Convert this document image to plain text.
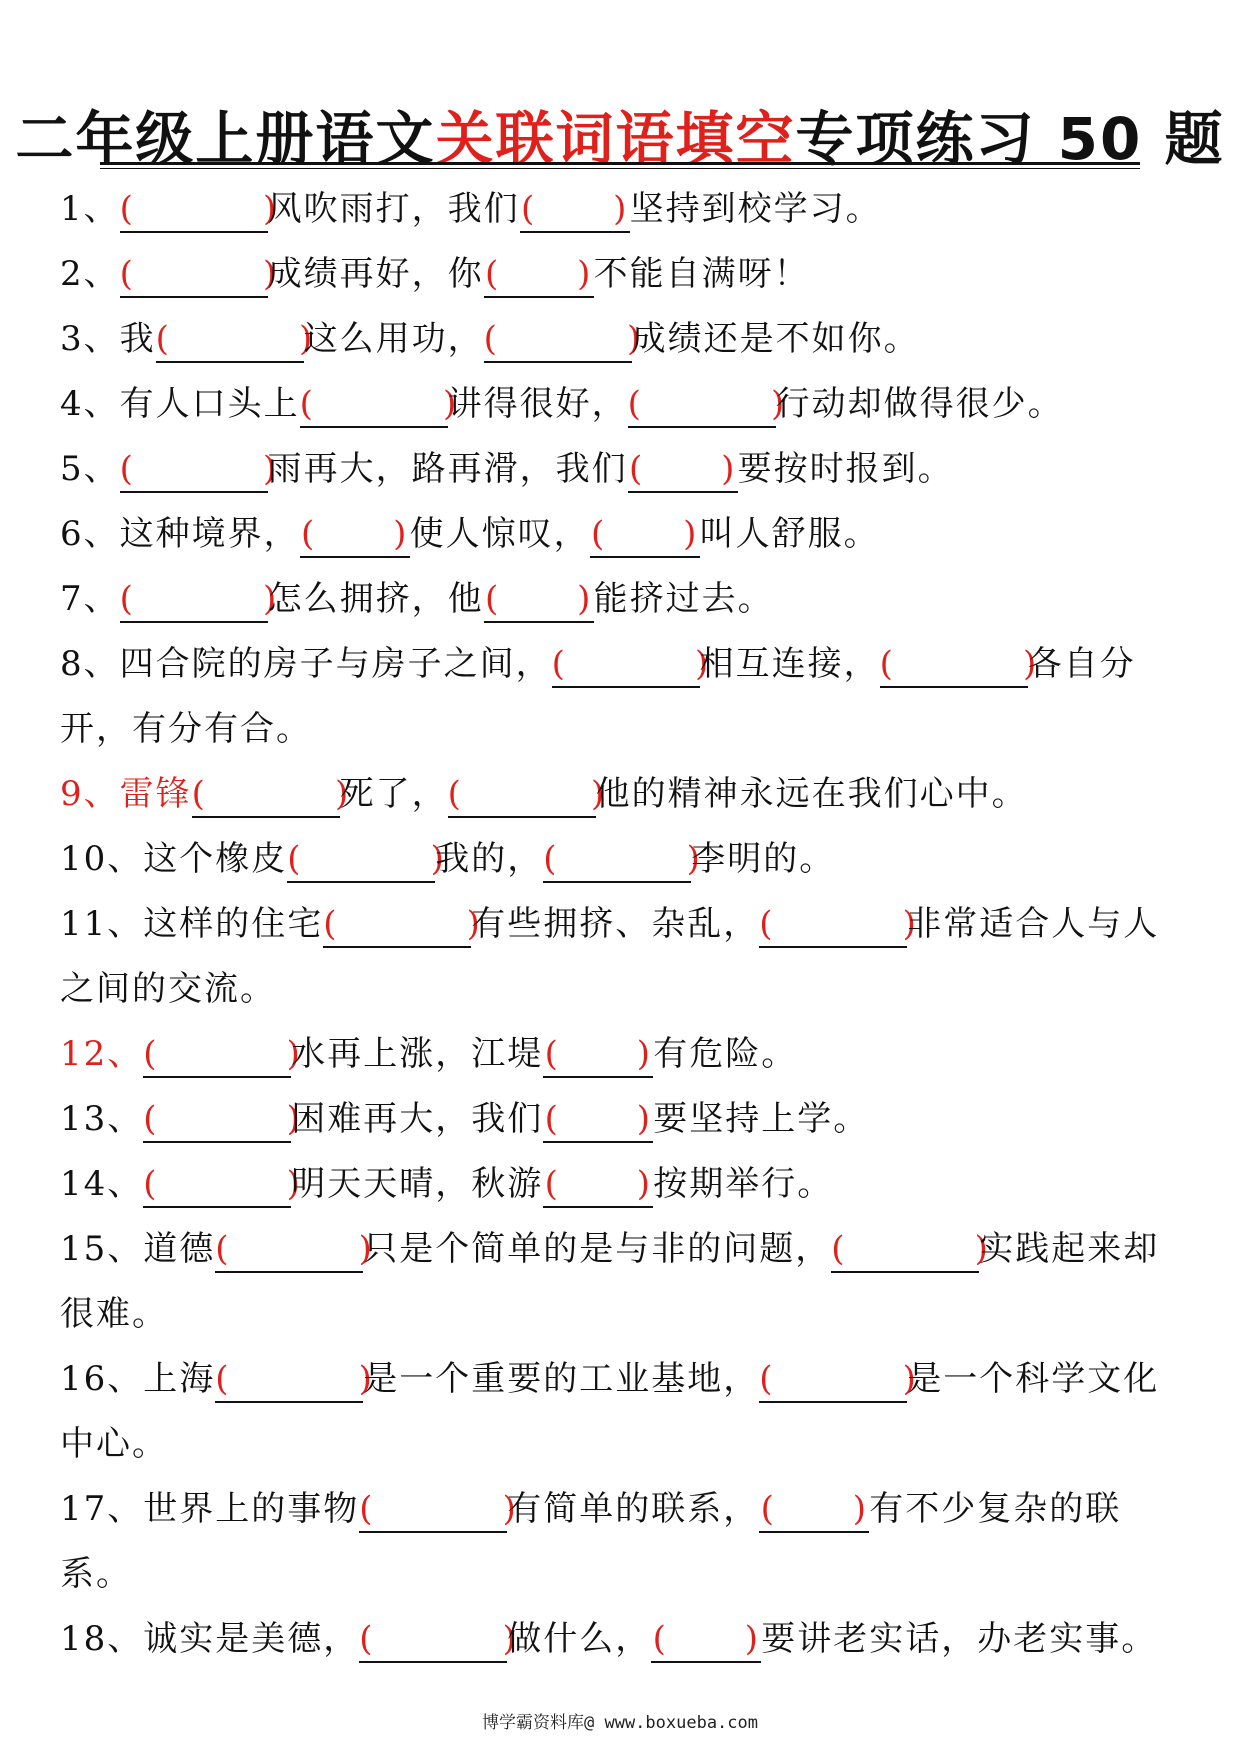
二年级上册语文关联词语填空专项练习 50 题
1、(          )风吹雨打，我们(      )坚持到校学习。
2、(          )成绩再好，你(      )不能自满呀！
3、我(          )这么用功，(          )成绩还是不如你。
4、有人口头上(          )讲得很好，(          )行动却做得很少。
5、(          )雨再大，路再滑，我们(      )要按时报到。
6、这种境界，(      )使人惊叹，(      )叫人舒服。
7、(          )怎么拥挤，他(      )能挤过去。
8、四合院的房子与房子之间，(          )相互连接，(          )各自分开，有分有合。
9、雷锋(          )死了，(          )他的精神永远在我们心中。
10、这个橡皮(          )我的，(          )李明的。
11、这样的住宅(          )有些拥挤、杂乱，(          )非常适合人与人之间的交流。
12、(          )水再上涨，江堤(      )有危险。
13、(          )困难再大，我们(      )要坚持上学。
14、(          )明天天晴，秋游(      )按期举行。
15、道德(          )只是个简单的是与非的问题，(          )实践起来却很难。
16、上海(          )是一个重要的工业基地，(          )是一个科学文化中心。
17、世界上的事物(          )有简单的联系，(      )有不少复杂的联系。
18、诚实是美德，(          )做什么，(      )要讲老实话，办老实事。
博学霸资料库@ www.boxueba.com
